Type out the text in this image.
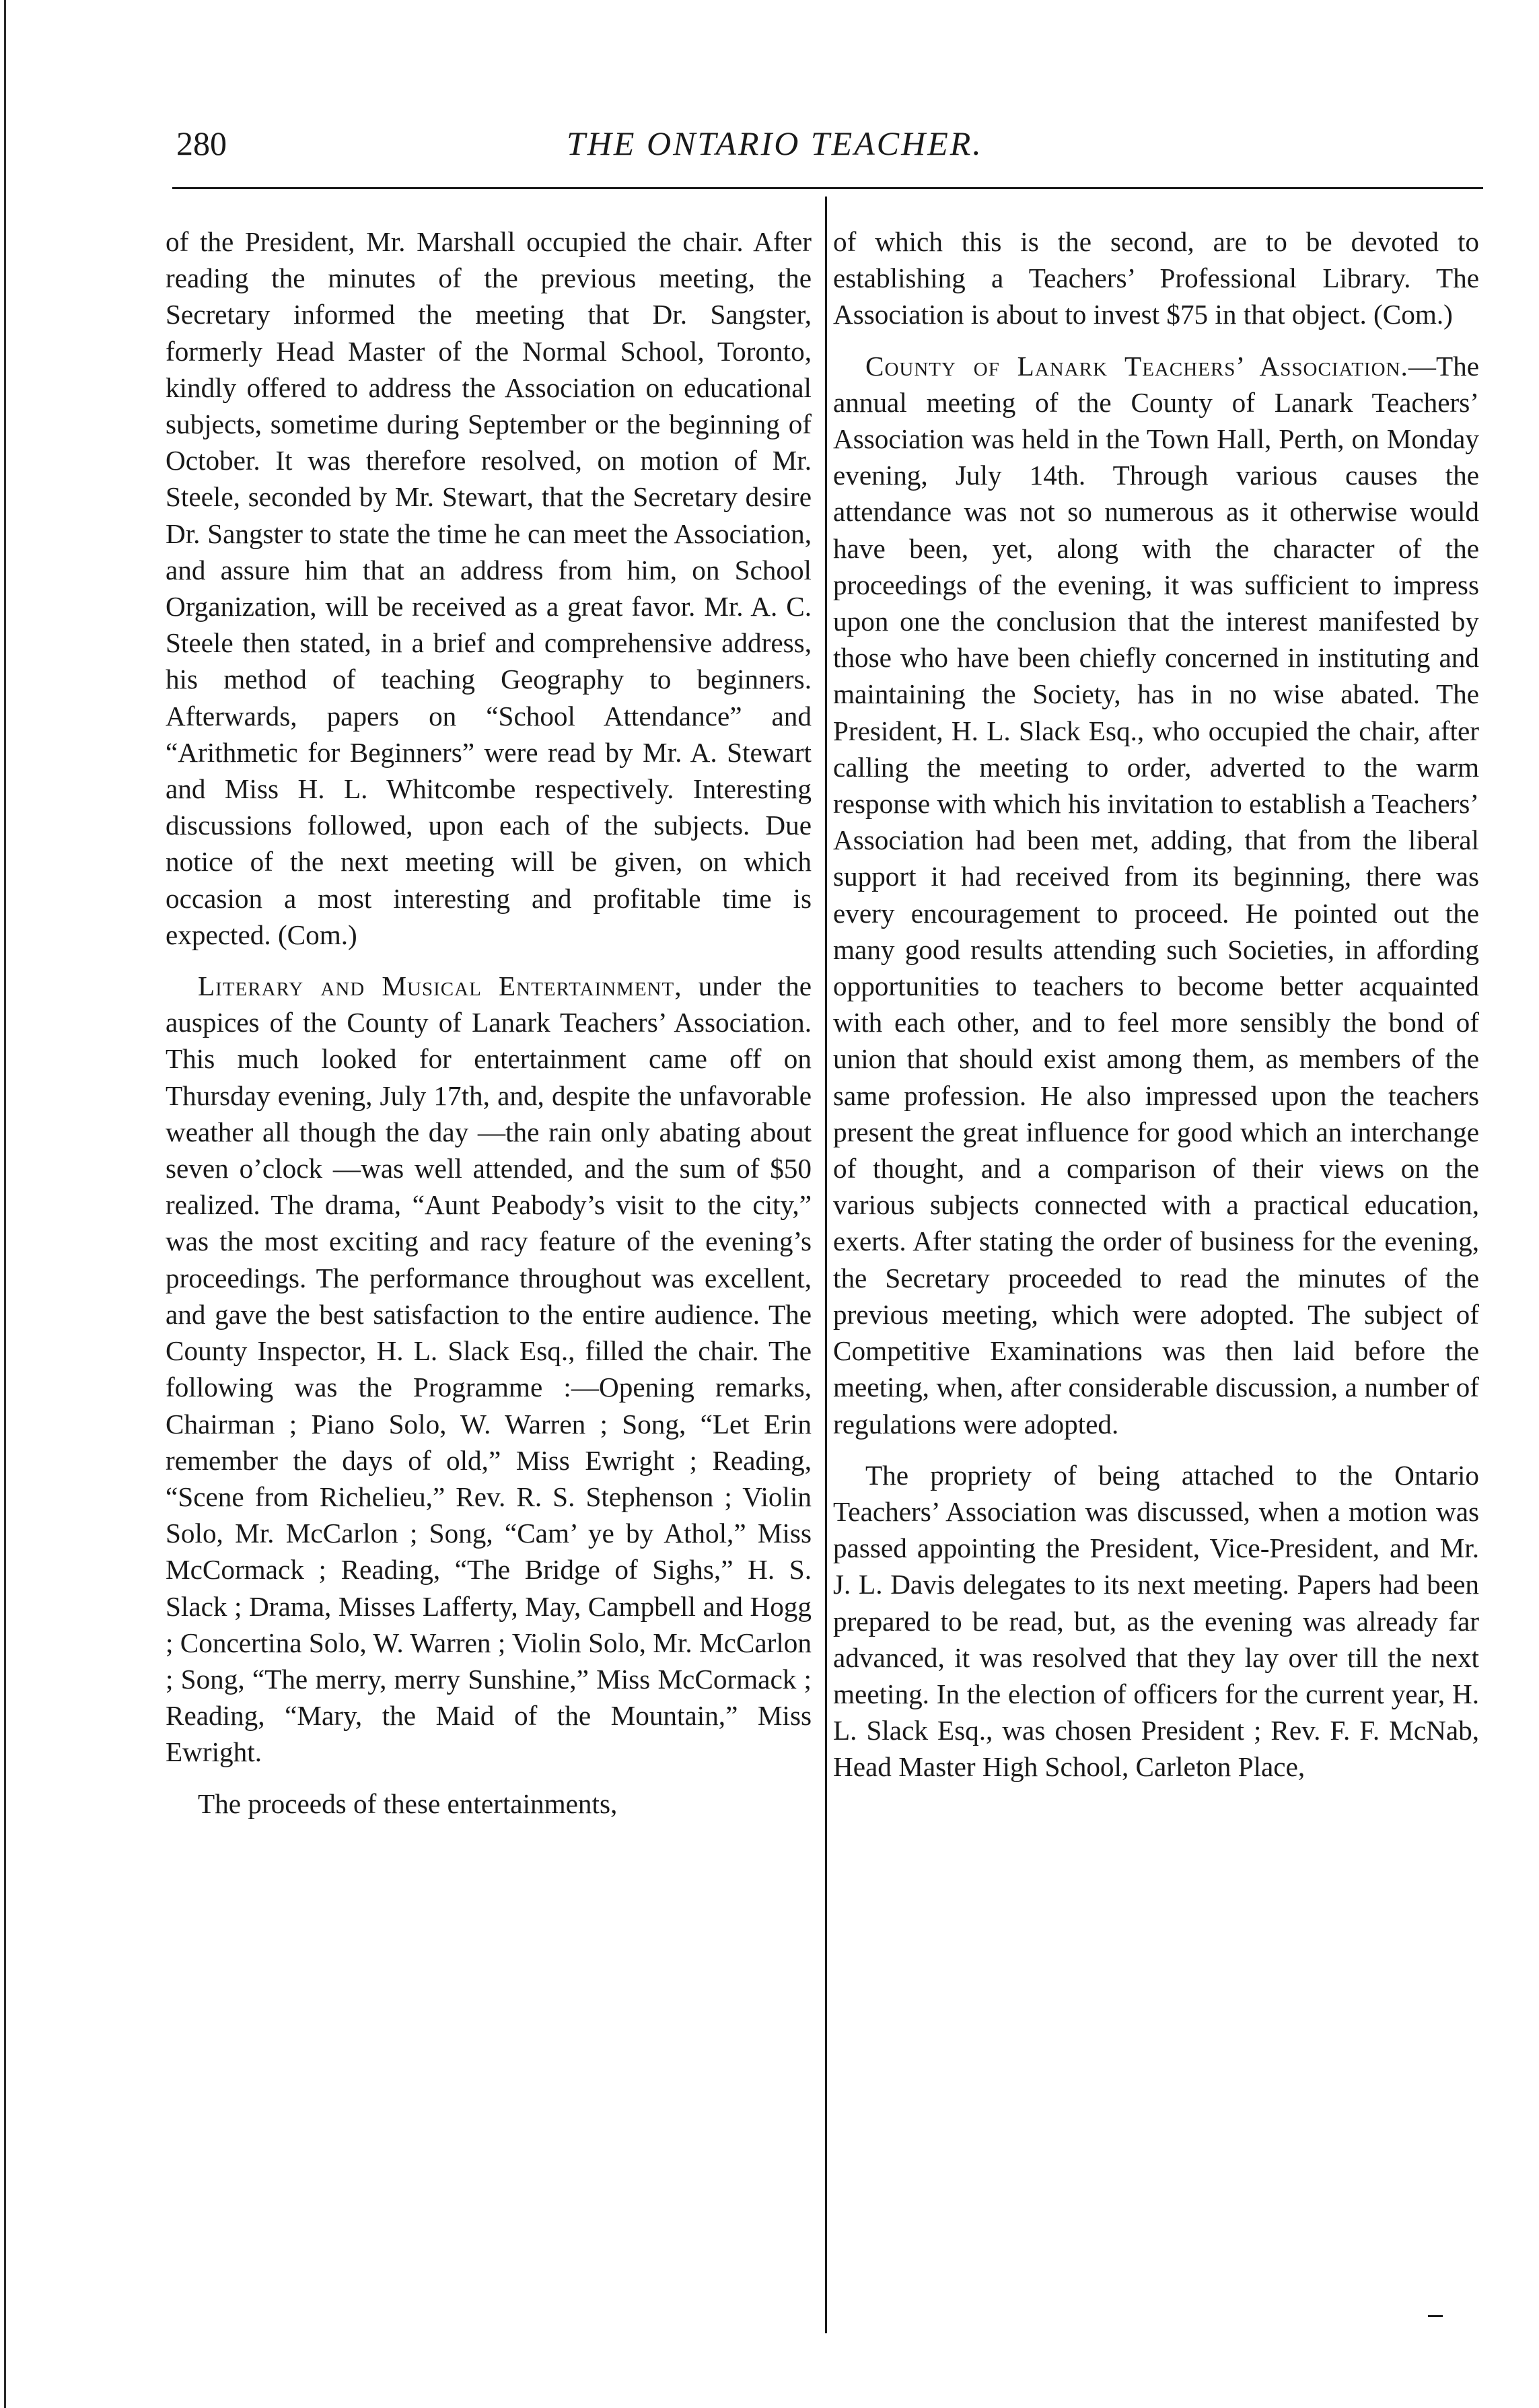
280	THE ONTARIO TEACHER.

of the President, Mr. Marshall occupied the chair. After reading the minutes of the previous meeting, the Secretary informed the meeting that Dr. Sangster, formerly Head Master of the Normal School, Toronto, kindly offered to address the Association on educational subjects, sometime during September or the beginning of October. It was therefore resolved, on motion of Mr. Steele, seconded by Mr. Stewart, that the Secretary desire Dr. Sangster to state the time he can meet the Association, and assure him that an address from him, on School Organization, will be received as a great favor. Mr. A. C. Steele then stated, in a brief and comprehensive address, his method of teaching Geography to beginners. Afterwards, papers on “School Attendance” and “Arithmetic for Beginners” were read by Mr. A. Stewart and Miss H. L. Whitcombe respectively. Interesting discussions followed, upon each of the subjects. Due notice of the next meeting will be given, on which occasion a most interesting and profitable time is expected. (Com.)

Literary and Musical Entertainment, under the auspices of the County of Lanark Teachers’ Association. This much looked for entertainment came off on Thursday evening, July 17th, and, despite the unfavorable weather all though the day —the rain only abating about seven o’clock —was well attended, and the sum of $50 realized. The drama, “Aunt Peabody’s visit to the city,” was the most exciting and racy feature of the evening’s proceedings. The performance throughout was excellent, and gave the best satisfaction to the entire audience. The County Inspector, H. L. Slack Esq., filled the chair. The following was the Programme :—Opening remarks, Chairman ; Piano Solo, W. Warren ; Song, “Let Erin remember the days of old,” Miss Ewright ; Reading, “Scene from Richelieu,” Rev. R. S. Stephenson ; Violin Solo, Mr. McCarlon ; Song, “Cam’ ye by Athol,” Miss McCormack ; Reading, “The Bridge of Sighs,” H. S. Slack ; Drama, Misses Lafferty, May, Campbell and Hogg ; Concertina Solo, W. Warren ; Violin Solo, Mr. McCarlon ; Song, “The merry, merry Sunshine,” Miss McCormack ; Reading, “Mary, the Maid of the Mountain,” Miss Ewright.

The proceeds of these entertainments,

of which this is the second, are to be devoted to establishing a Teachers’ Professional Library. The Association is about to invest $75 in that object. (Com.)

County of Lanark Teachers’ Association.—The annual meeting of the County of Lanark Teachers’ Association was held in the Town Hall, Perth, on Monday evening, July 14th. Through various causes the attendance was not so numerous as it otherwise would have been, yet, along with the character of the proceedings of the evening, it was sufficient to impress upon one the conclusion that the interest manifested by those who have been chiefly concerned in instituting and maintaining the Society, has in no wise abated. The President, H. L. Slack Esq., who occupied the chair, after calling the meeting to order, adverted to the warm response with which his invitation to establish a Teachers’ Association had been met, adding, that from the liberal support it had received from its beginning, there was every encouragement to proceed. He pointed out the many good results attending such Societies, in affording opportunities to teachers to become better acquainted with each other, and to feel more sensibly the bond of union that should exist among them, as members of the same profession. He also impressed upon the teachers present the great influence for good which an interchange of thought, and a comparison of their views on the various subjects connected with a practical education, exerts. After stating the order of business for the evening, the Secretary proceeded to read the minutes of the previous meeting, which were adopted. The subject of Competitive Examinations was then laid before the meeting, when, after considerable discussion, a number of regulations were adopted.

The propriety of being attached to the Ontario Teachers’ Association was discussed, when a motion was passed appointing the President, Vice-President, and Mr. J. L. Davis delegates to its next meeting. Papers had been prepared to be read, but, as the evening was already far advanced, it was resolved that they lay over till the next meeting. In the election of officers for the current year, H. L. Slack Esq., was chosen President ; Rev. F. F. McNab, Head Master High School, Carleton Place,
